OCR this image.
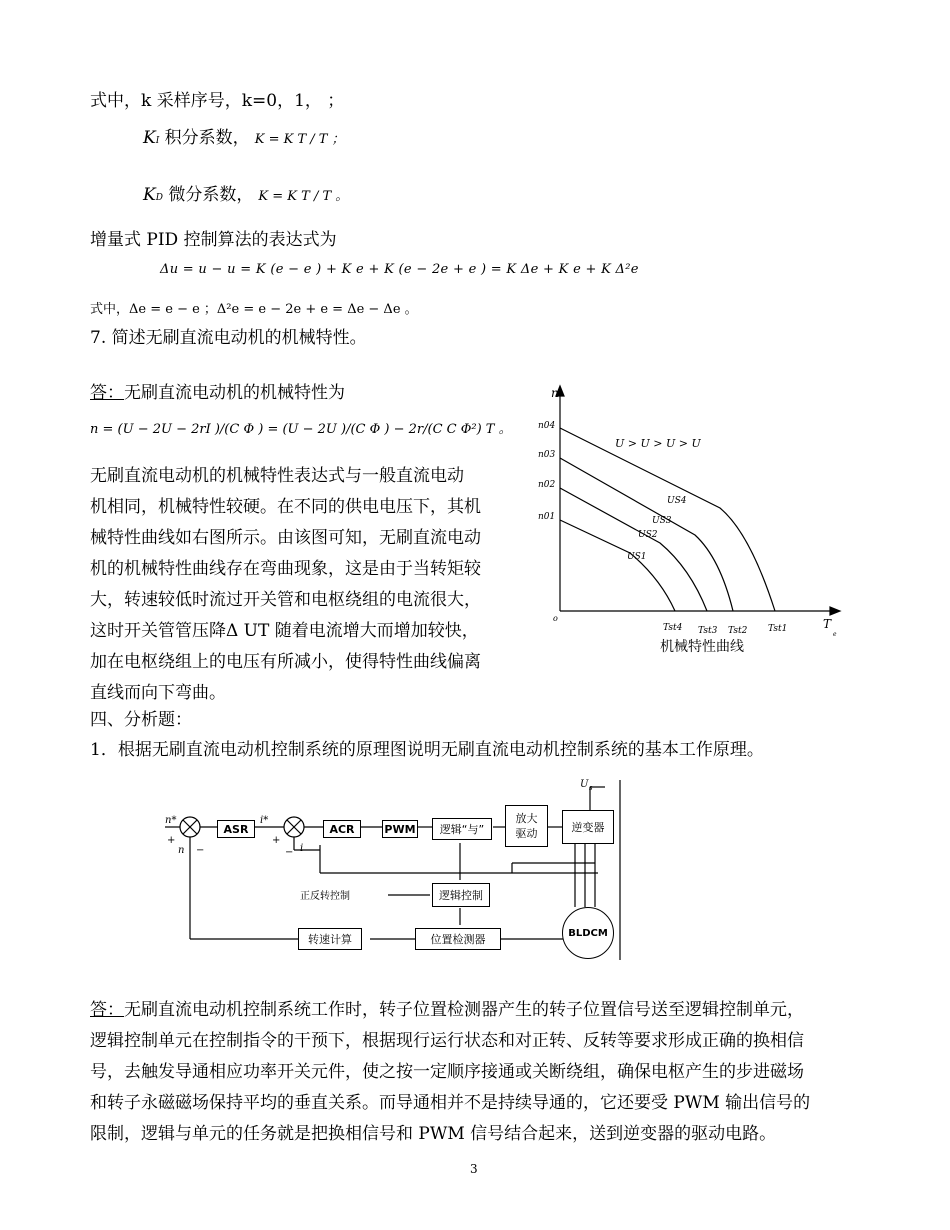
式中，k 采样序号，k=0，1， ；
KI 积分系数， K = K T / T ；
KD 微分系数， K = K T / T 。
增量式 PID 控制算法的表达式为
Δu = u − u = K (e − e ) + K e + K (e − 2e + e ) = K Δe + K e + K Δ²e
式中，Δe = e − e ；Δ²e = e − 2e + e = Δe − Δe 。
7. 简述无刷直流电动机的机械特性。
答：无刷直流电动机的机械特性为
n = (U − 2U − 2rI )/(C Φ ) = (U − 2U )/(C Φ ) − 2r/(C C Φ²) T 。
无刷直流电动机的机械特性表达式与一般直流电动
机相同，机械特性较硬。在不同的供电电压下，其机
械特性曲线如右图所示。由该图可知，无刷直流电动
机的机械特性曲线存在弯曲现象，这是由于当转矩较
大，转速较低时流过开关管和电枢绕组的电流很大，
这时开关管管压降Δ UT 随着电流增大而增加较快，
加在电枢绕组上的电压有所减小，使得特性曲线偏离
直线而向下弯曲。
n
o	T
e
U > U > U > U
n04
n03
n02
n01
US4
US3
US2
US1
Tst4 Tst3 Tst2 Tst1
机械特性曲线
四、分析题：
1．根据无刷直流电动机控制系统的原理图说明无刷直流电动机控制系统的基本工作原理。
n*	i*
+
n −
+
− i
U s
正反转控制
ASR	ACR	PWM	逻辑“与”
放大
驱动	逆变器
逻辑控制
转速计算	位置检测器	BLDCM
答：无刷直流电动机控制系统工作时，转子位置检测器产生的转子位置信号送至逻辑控制单元，
逻辑控制单元在控制指令的干预下，根据现行运行状态和对正转、反转等要求形成正确的换相信
号，去触发导通相应功率开关元件，使之按一定顺序接通或关断绕组，确保电枢产生的步进磁场
和转子永磁磁场保持平均的垂直关系。而导通相并不是持续导通的，它还要受 PWM 输出信号的
限制，逻辑与单元的任务就是把换相信号和 PWM 信号结合起来，送到逆变器的驱动电路。
3
